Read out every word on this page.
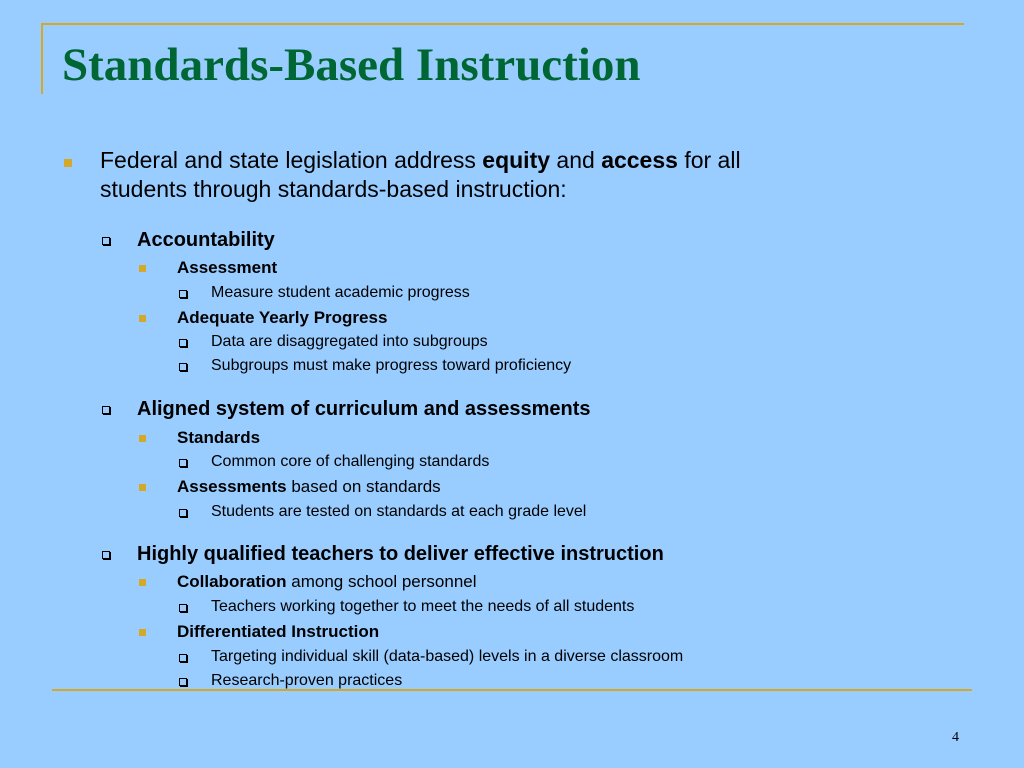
Standards-Based Instruction
Federal and state legislation address equity and access for all
students through standards-based instruction:
Accountability
Assessment
Measure student academic progress
Adequate Yearly Progress
Data are disaggregated into subgroups
Subgroups must make progress toward proficiency
Aligned system of curriculum and assessments
Standards
Common core of challenging standards
Assessments based on standards
Students are tested on standards at each grade level
Highly qualified teachers to deliver effective instruction
Collaboration among school personnel
Teachers working together to meet the needs of all students
Differentiated Instruction
Targeting individual skill (data-based) levels in a diverse classroom
Research-proven practices
4
